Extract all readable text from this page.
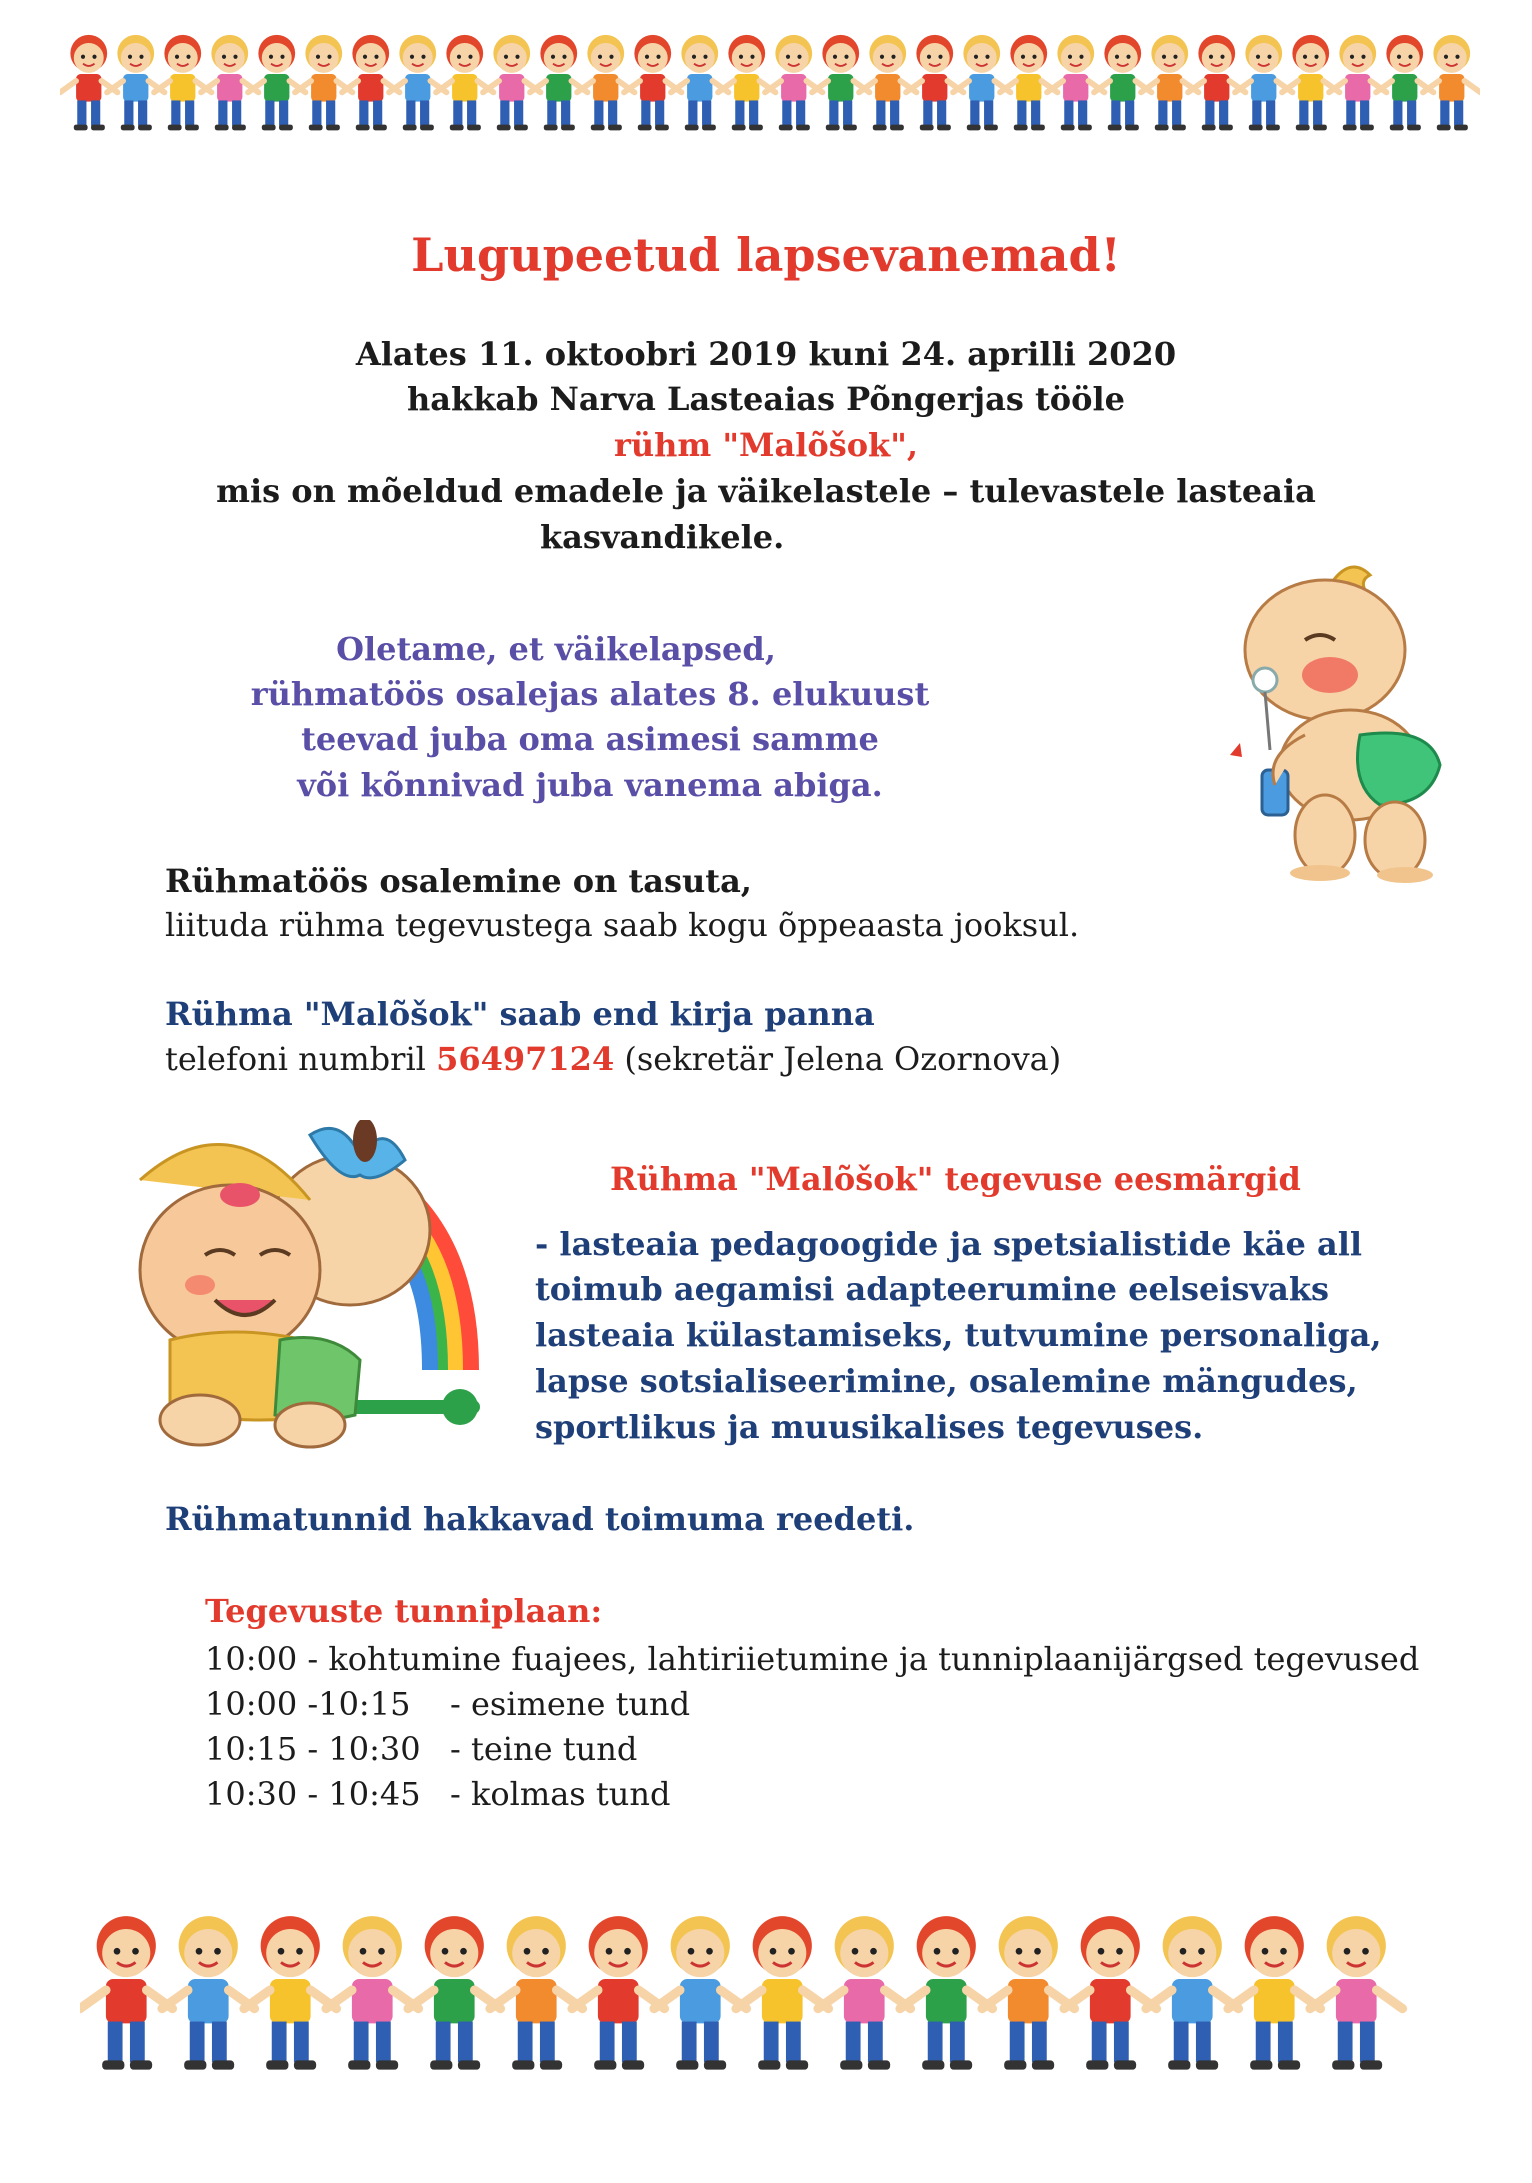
Lugupeetud lapsevanemad!
Alates 11. oktoobri 2019 kuni 24. aprilli 2020
hakkab Narva Lasteaias Põngerjas tööle
rühm "Malõšok",
mis on mõeldud emadele ja väikelastele – tulevastele lasteaia
kasvandikele.
Oletame, et väikelapsed,
rühmatöös osalejas alates 8. elukuust
teevad juba oma asimesi samme
või kõnnivad juba vanema abiga.
Rühmatöös osalemine on tasuta,
liituda rühma tegevustega saab kogu õppeaasta jooksul.
Rühma "Malõšok" saab end kirja panna
telefoni numbril 56497124 (sekretär Jelena Ozornova)
Rühma "Malõšok" tegevuse eesmärgid
- lasteaia pedagoogide ja spetsialistide käe all
toimub aegamisi adapteerumine eelseisvaks
lasteaia külastamiseks, tutvumine personaliga,
lapse sotsialiseerimine, osalemine mängudes,
sportlikus ja muusikalises tegevuses.
Rühmatunnid hakkavad toimuma reedeti.
Tegevuste tunniplaan:
10:00 - kohtumine fuajees, lahtiriietumine ja tunniplaanijärgsed tegevused
10:00 -10:15 - esimene tund
10:15 - 10:30 - teine tund
10:30 - 10:45 - kolmas tund
